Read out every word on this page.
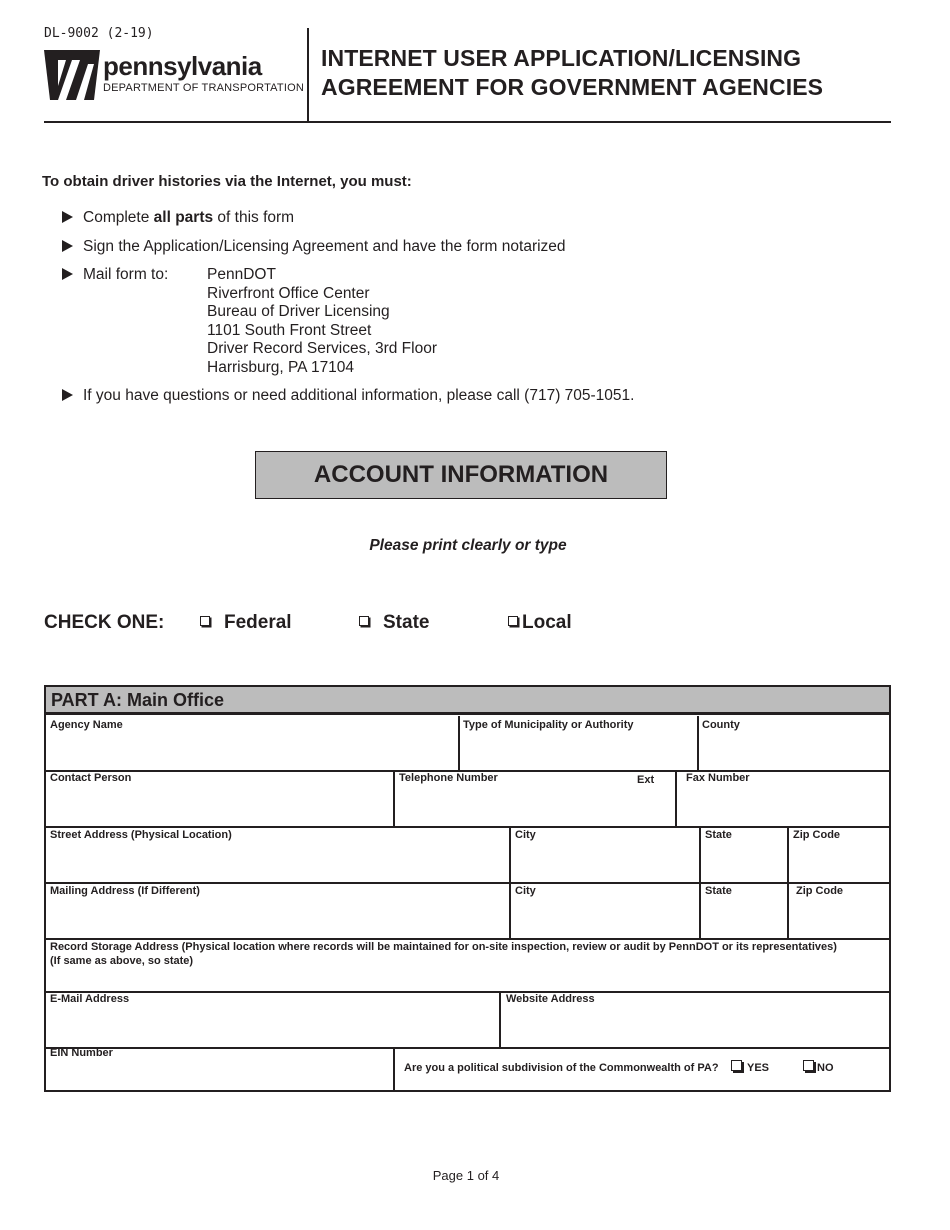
DL-9002 (2-19)
pennsylvania
DEPARTMENT OF TRANSPORTATION
INTERNET USER APPLICATION/LICENSING
AGREEMENT FOR GOVERNMENT AGENCIES
To obtain driver histories via the Internet, you must:
Complete all parts of this form
Sign the Application/Licensing Agreement and have the form notarized
Mail form to: PennDOT
Riverfront Office Center
Bureau of Driver Licensing
1101 South Front Street
Driver Record Services, 3rd Floor
Harrisburg, PA 17104
If you have questions or need additional information, please call (717) 705-1051.
ACCOUNT INFORMATION
Please print clearly or type
CHECK ONE:	Federal	State	Local
PART A: Main Office
Agency Name	Type of Municipality or Authority	County
Contact Person	Telephone Number	Ext	Fax Number
Street Address (Physical Location)	City	State	Zip Code
Mailing Address (If Different)	City	State	Zip Code
Record Storage Address (Physical location where records will be maintained for on-site inspection, review or audit by PennDOT or its representatives)
(If same as above, so state)
E-Mail Address	Website Address
EIN Number
Are you a political subdivision of the Commonwealth of PA?	YES	NO
Page 1 of 4
